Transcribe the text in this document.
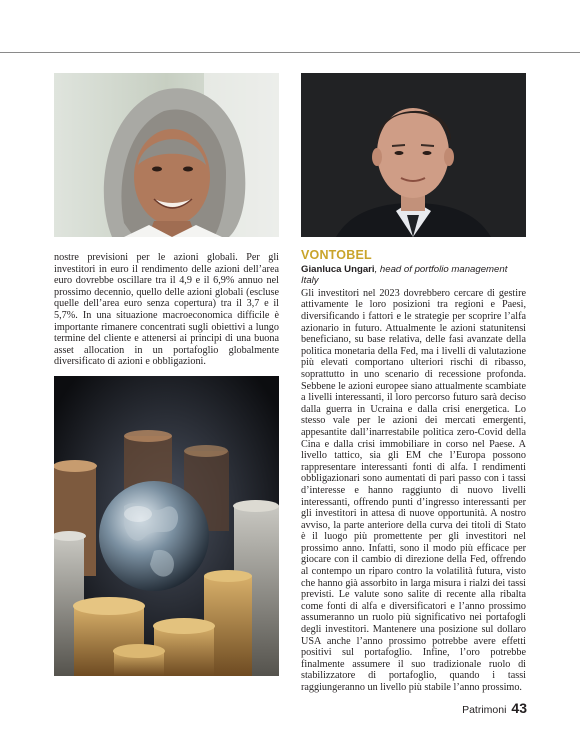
nostre previsioni per le azioni globali. Per gli investitori in euro il rendimento delle azioni dell’area euro dovrebbe oscillare tra il 4,9 e il 6,9% annuo nel prossimo decennio, quello delle azioni globali (escluse quelle dell’area euro senza copertura) tra il 3,7 e il 5,7%. In una situazione macroeconomica difficile è importante rimanere concentrati sugli obiettivi a lungo termine del cliente e attenersi ai principi di una buona asset allocation in un portafoglio globalmente diversificato di azioni e obbligazioni.

VONTOBEL

Gianluca Ungari, head of portfolio management Italy

Gli investitori nel 2023 dovrebbero cercare di gestire attivamente le loro posizioni tra regioni e Paesi, diversificando i fattori e le strategie per scoprire l’alfa azionario in futuro. Attualmente le azioni statunitensi beneficiano, su base relativa, delle fasi avanzate della politica monetaria della Fed, ma i livelli di valutazione più elevati comportano ulteriori rischi di ribasso, soprattutto in uno scenario di recessione profonda. Sebbene le azioni europee siano attualmente scambiate a livelli interessanti, il loro percorso futuro sarà deciso dalla guerra in Ucraina e dalla crisi energetica. Lo stesso vale per le azioni dei mercati emergenti, appesantite dall’inarrestabile politica zero-Covid della Cina e dalla crisi immobiliare in corso nel Paese. A livello tattico, sia gli EM che l’Europa possono rappresentare interessanti fonti di alfa. I rendimenti obbligazionari sono aumentati di pari passo con i tassi d’interesse e hanno raggiunto di nuovo livelli interessanti, offrendo punti d’ingresso interessanti per gli investitori in attesa di nuove opportunità. A nostro avviso, la parte anteriore della curva dei titoli di Stato è il luogo più promettente per gli investitori nel prossimo anno. Infatti, sono il modo più efficace per giocare con il cambio di direzione della Fed, offrendo al contempo un riparo contro la volatilità futura, visto che hanno già assorbito in larga misura i rialzi dei tassi previsti. Le valute sono salite di recente alla ribalta come fonti di alfa e diversificatori e l’anno prossimo assumeranno un ruolo più significativo nei portafogli degli investitori. Mantenere una posizione sul dollaro USA anche l’anno prossimo potrebbe avere effetti positivi sul portafoglio. Infine, l’oro potrebbe finalmente assumere il suo tradizionale ruolo di stabilizzatore di portafoglio, quando i tassi raggiungeranno un livello più stabile l’anno prossimo.

Patrimoni 43
